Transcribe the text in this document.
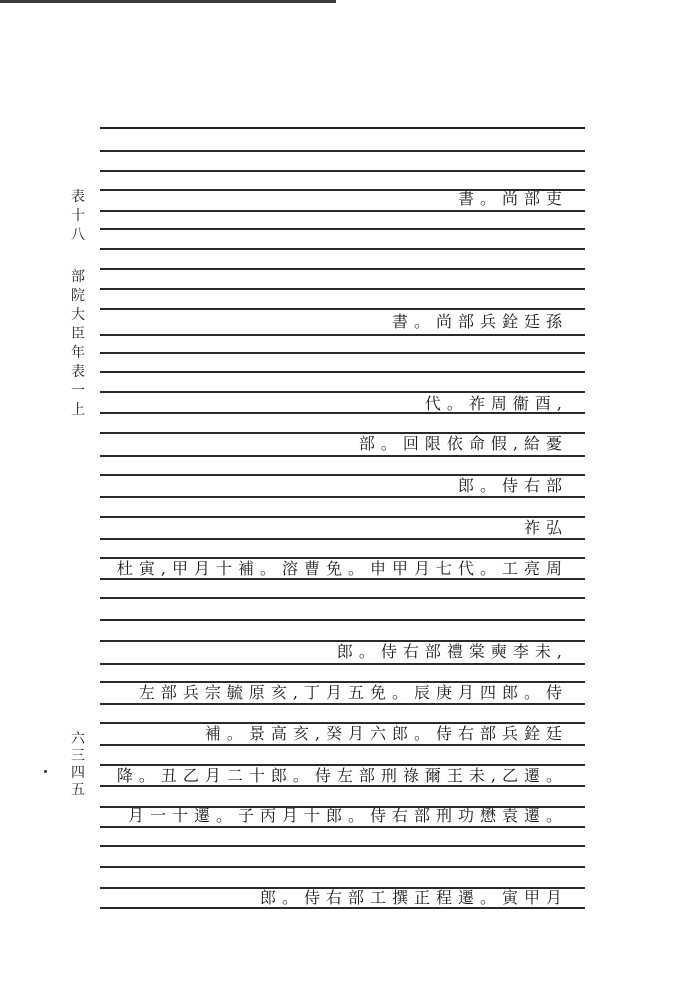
表
十
八
部
院
大
臣
年
表
一
上
六
三
四
五
書。尚部吏
書。尚部兵銓廷孫
代。祚周衞酉,
部。回限依命假,給憂
郎。侍右部
祚弘
杜寅,甲月十補。溶曹免。申甲月七代。工亮周
郎。侍右部禮棠奭李未,
左部兵宗毓原亥,丁月五免。辰庚月四郎。侍
補。景高亥,癸月六郎。侍右部兵銓廷
降。丑乙月二十郎。侍左部刑祿爾王未,乙遷。
月一十遷。子丙月十郎。侍右部刑功懋袁遷。
郎。侍右部工撰正程遷。寅甲月
